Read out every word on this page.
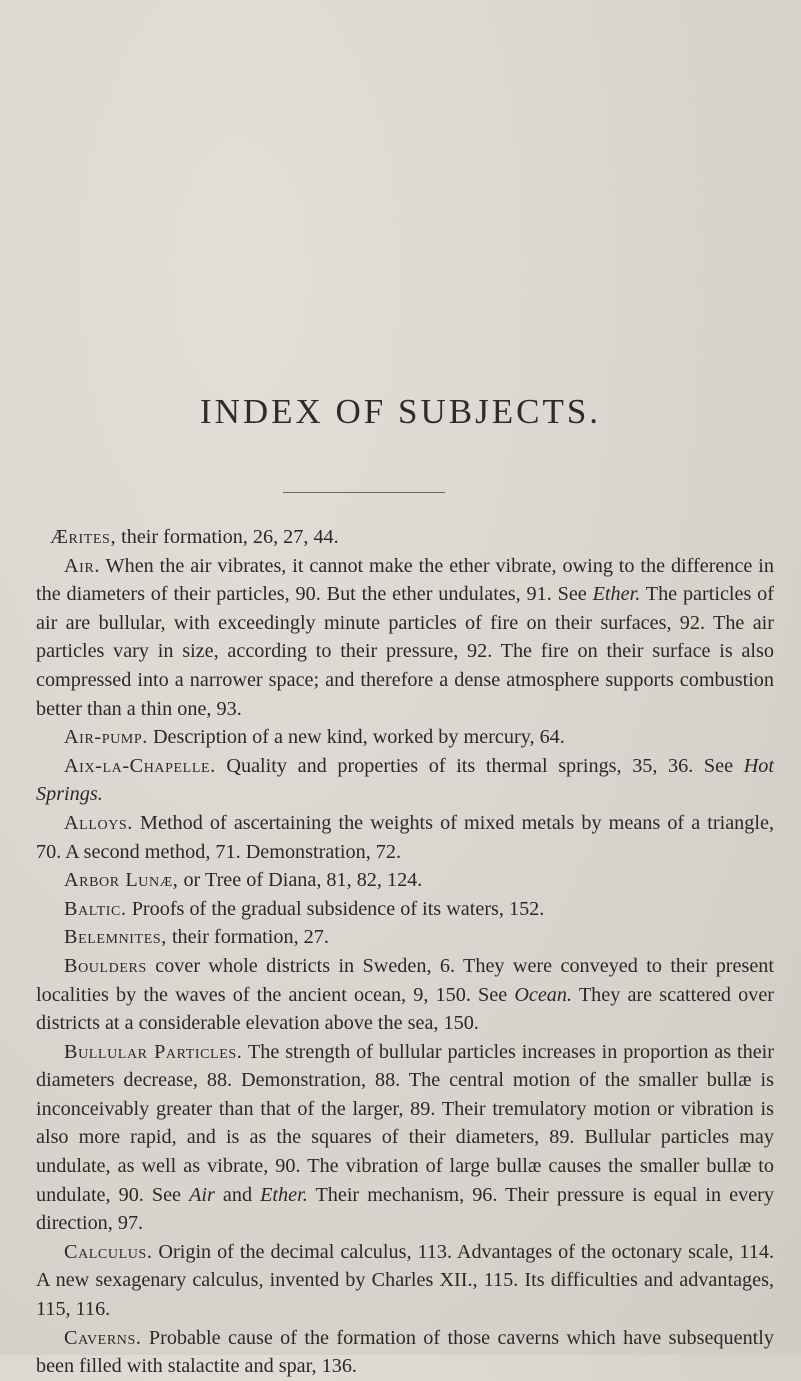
INDEX OF SUBJECTS.

Ærites, their formation, 26, 27, 44.

Air. When the air vibrates, it cannot make the ether vibrate, owing to the difference in the diameters of their particles, 90. But the ether undulates, 91. See Ether. The particles of air are bullular, with exceedingly minute particles of fire on their surfaces, 92. The air particles vary in size, according to their pressure, 92. The fire on their surface is also compressed into a narrower space; and therefore a dense atmosphere supports combustion better than a thin one, 93.

Air-pump. Description of a new kind, worked by mercury, 64.

Aix-la-Chapelle. Quality and properties of its thermal springs, 35, 36. See Hot Springs.

Alloys. Method of ascertaining the weights of mixed metals by means of a triangle, 70. A second method, 71. Demonstration, 72.

Arbor Lunæ, or Tree of Diana, 81, 82, 124.

Baltic. Proofs of the gradual subsidence of its waters, 152.

Belemnites, their formation, 27.

Boulders cover whole districts in Sweden, 6. They were conveyed to their present localities by the waves of the ancient ocean, 9, 150. See Ocean. They are scattered over districts at a considerable elevation above the sea, 150.

Bullular Particles. The strength of bullular particles increases in proportion as their diameters decrease, 88. Demonstration, 88. The central motion of the smaller bullæ is inconceivably greater than that of the larger, 89. Their tremulatory motion or vibration is also more rapid, and is as the squares of their diameters, 89. Bullular particles may undulate, as well as vibrate, 90. The vibration of large bullæ causes the smaller bullæ to undulate, 90. See Air and Ether. Their mechanism, 96. Their pressure is equal in every direction, 97.

Calculus. Origin of the decimal calculus, 113. Advantages of the octonary scale, 114. A new sexagenary calculus, invented by Charles XII., 115. Its difficulties and advantages, 115, 116.

Caverns. Probable cause of the formation of those caverns which have subsequently been filled with stalactite and spar, 136.
